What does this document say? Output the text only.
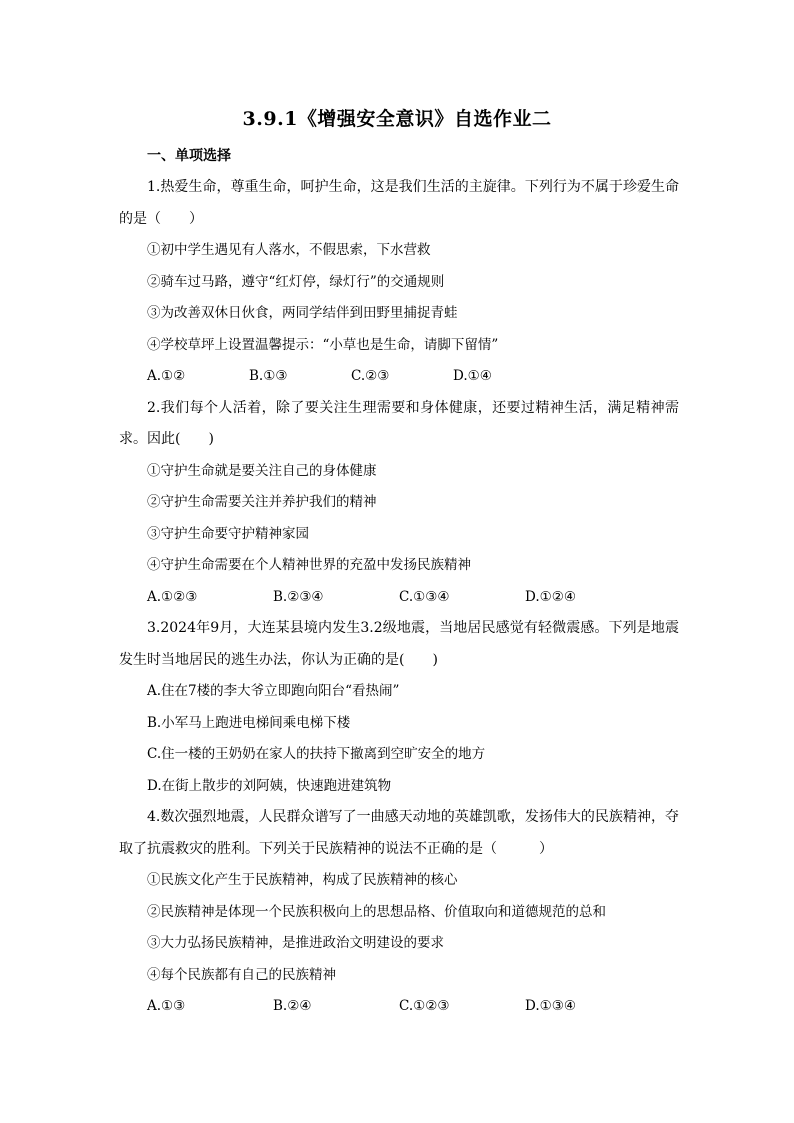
3.9.1《增强安全意识》自选作业二
一、单项选择

1.热爱生命，尊重生命，呵护生命，这是我们生活的主旋律。下列行为不属于珍爱生命的是（　　）

①初中学生遇见有人落水，不假思索，下水营救

②骑车过马路，遵守“红灯停，绿灯行”的交通规则

③为改善双休日伙食，两同学结伴到田野里捕捉青蛙

④学校草坪上设置温馨提示：“小草也是生命，请脚下留情”

A.①②	B.①③	C.②③	D.①④

2.我们每个人活着，除了要关注生理需要和身体健康，还要过精神生活，满足精神需求。因此(　　)

①守护生命就是要关注自己的身体健康

②守护生命需要关注并养护我们的精神

③守护生命要守护精神家园

④守护生命需要在个人精神世界的充盈中发扬民族精神

A.①②③	B.②③④	C.①③④	D.①②④

3.2024年9月，大连某县境内发生3.2级地震，当地居民感觉有轻微震感。下列是地震发生时当地居民的逃生办法，你认为正确的是(　　)

A.住在7楼的李大爷立即跑向阳台“看热闹”

B.小军马上跑进电梯间乘电梯下楼

C.住一楼的王奶奶在家人的扶持下撤离到空旷安全的地方

D.在街上散步的刘阿姨，快速跑进建筑物

4.数次强烈地震，人民群众谱写了一曲感天动地的英雄凯歌，发扬伟大的民族精神，夺取了抗震救灾的胜利。下列关于民族精神的说法不正确的是（　　　）

①民族文化产生于民族精神，构成了民族精神的核心

②民族精神是体现一个民族积极向上的思想品格、价值取向和道德规范的总和

③大力弘扬民族精神，是推进政治文明建设的要求

④每个民族都有自己的民族精神

A.①③	B.②④	C.①②③	D.①③④
